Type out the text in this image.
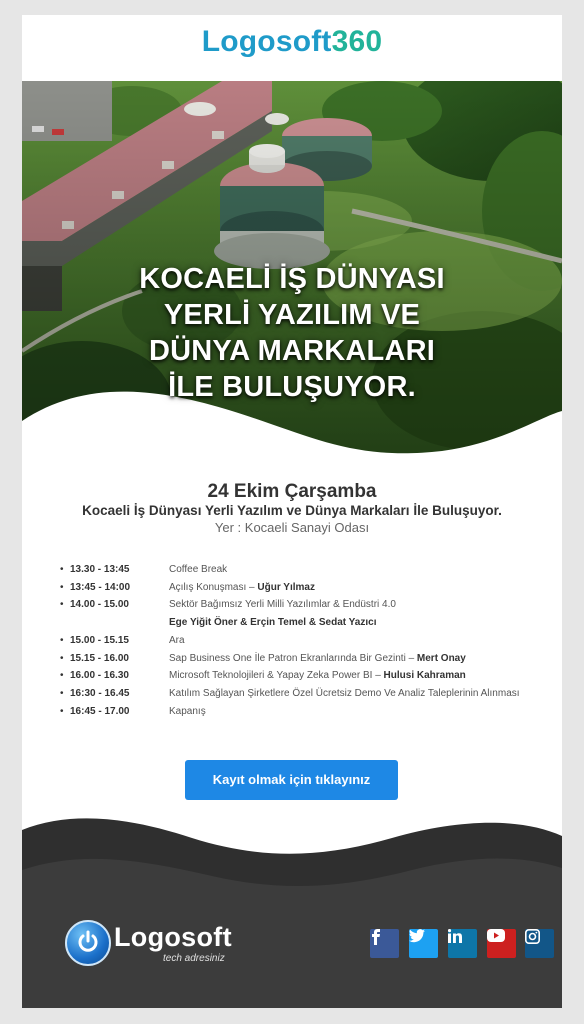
Logosoft360
KOCAELİ İŞ DÜNYASI
YERLİ YAZILIM VE
DÜNYA MARKALARI
İLE BULUŞUYOR.
24 Ekim Çarşamba
Kocaeli İş Dünyası Yerli Yazılım ve Dünya Markaları İle Buluşuyor.
Yer : Kocaeli Sanayi Odası
• 13.30 - 13:45	Coffee Break
• 13:45 - 14:00	Açılış Konuşması – Uğur Yılmaz
• 14.00 - 15.00	Sektör Bağımsız Yerli Milli Yazılımlar & Endüstri 4.0
Ege Yiğit Öner & Erçin Temel & Sedat Yazıcı
• 15.00 - 15.15	Ara
• 15.15 - 16.00	Sap Business One İle Patron Ekranlarında Bir Gezinti – Mert Onay
• 16.00 - 16.30	Microsoft Teknolojileri & Yapay Zeka Power BI – Hulusi Kahraman
• 16:30 - 16.45	Katılım Sağlayan Şirketlere Özel Ücretsiz Demo Ve Analiz Taleplerinin Alınması
• 16:45 - 17.00	Kapanış
Kayıt olmak için tıklayınız
Logosoft
tech adresiniz
